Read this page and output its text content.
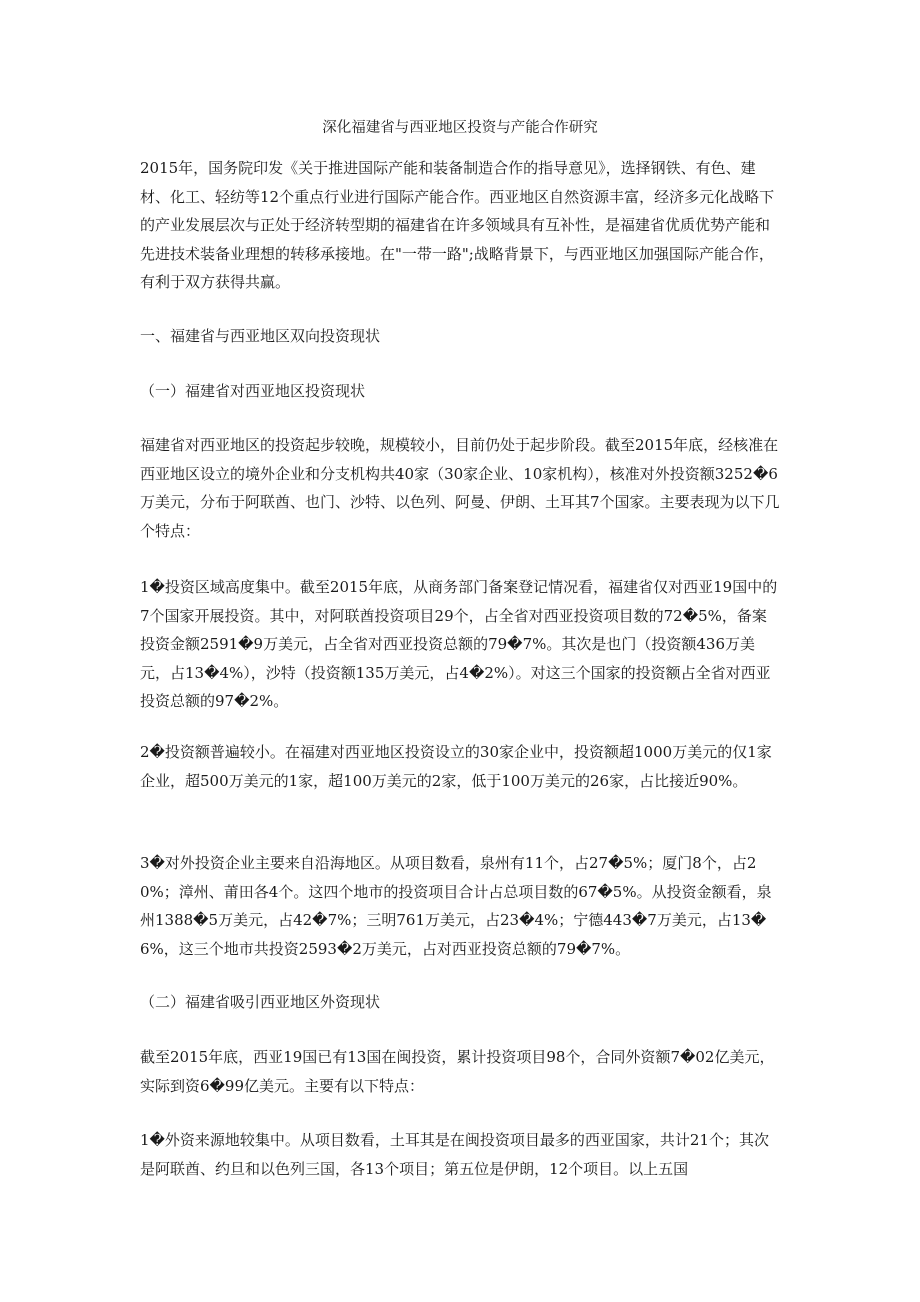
深化福建省与西亚地区投资与产能合作研究

2015年，国务院印发《关于推进国际产能和装备制造合作的指导意见》，选择钢铁、有色、建材、化工、轻纺等12个重点行业进行国际产能合作。西亚地区自然资源丰富，经济多元化战略下的产业发展层次与正处于经济转型期的福建省在许多领域具有互补性，是福建省优质优势产能和先进技术装备业理想的转移承接地。在"一带一路";战略背景下，与西亚地区加强国际产能合作，有利于双方获得共赢。

一、福建省与西亚地区双向投资现状

（一）福建省对西亚地区投资现状

福建省对西亚地区的投资起步较晚，规模较小，目前仍处于起步阶段。截至2015年底，经核准在西亚地区设立的境外企业和分支机构共40家（30家企业、10家机构），核准对外投资额3252�6万美元，分布于阿联酋、也门、沙特、以色列、阿曼、伊朗、土耳其7个国家。主要表现为以下几个特点：

1�投资区域高度集中。截至2015年底，从商务部门备案登记情况看，福建省仅对西亚19国中的7个国家开展投资。其中，对阿联酋投资项目29个，占全省对西亚投资项目数的72�5%，备案投资金额2591�9万美元，占全省对西亚投资总额的79�7%。其次是也门（投资额436万美元，占13�4%），沙特（投资额135万美元，占4�2%）。对这三个国家的投资额占全省对西亚投资总额的97�2%。

2�投资额普遍较小。在福建对西亚地区投资设立的30家企业中，投资额超1000万美元的仅1家企业，超500万美元的1家，超100万美元的2家，低于100万美元的26家，占比接近90%。

3�对外投资企业主要来自沿海地区。从项目数看，泉州有11个，占27�5%；厦门8个，占20%；漳州、莆田各4个。这四个地市的投资项目合计占总项目数的67�5%。从投资金额看，泉州1388�5万美元，占42�7%；三明761万美元，占23�4%；宁德443�7万美元，占13�6%，这三个地市共投资2593�2万美元，占对西亚投资总额的79�7%。

（二）福建省吸引西亚地区外资现状

截至2015年底，西亚19国已有13国在闽投资，累计投资项目98个，合同外资额7�02亿美元，实际到资6�99亿美元。主要有以下特点：

1�外资来源地较集中。从项目数看，土耳其是在闽投资项目最多的西亚国家，共计21个；其次是阿联酋、约旦和以色列三国，各13个项目；第五位是伊朗，12个项目。以上五国
